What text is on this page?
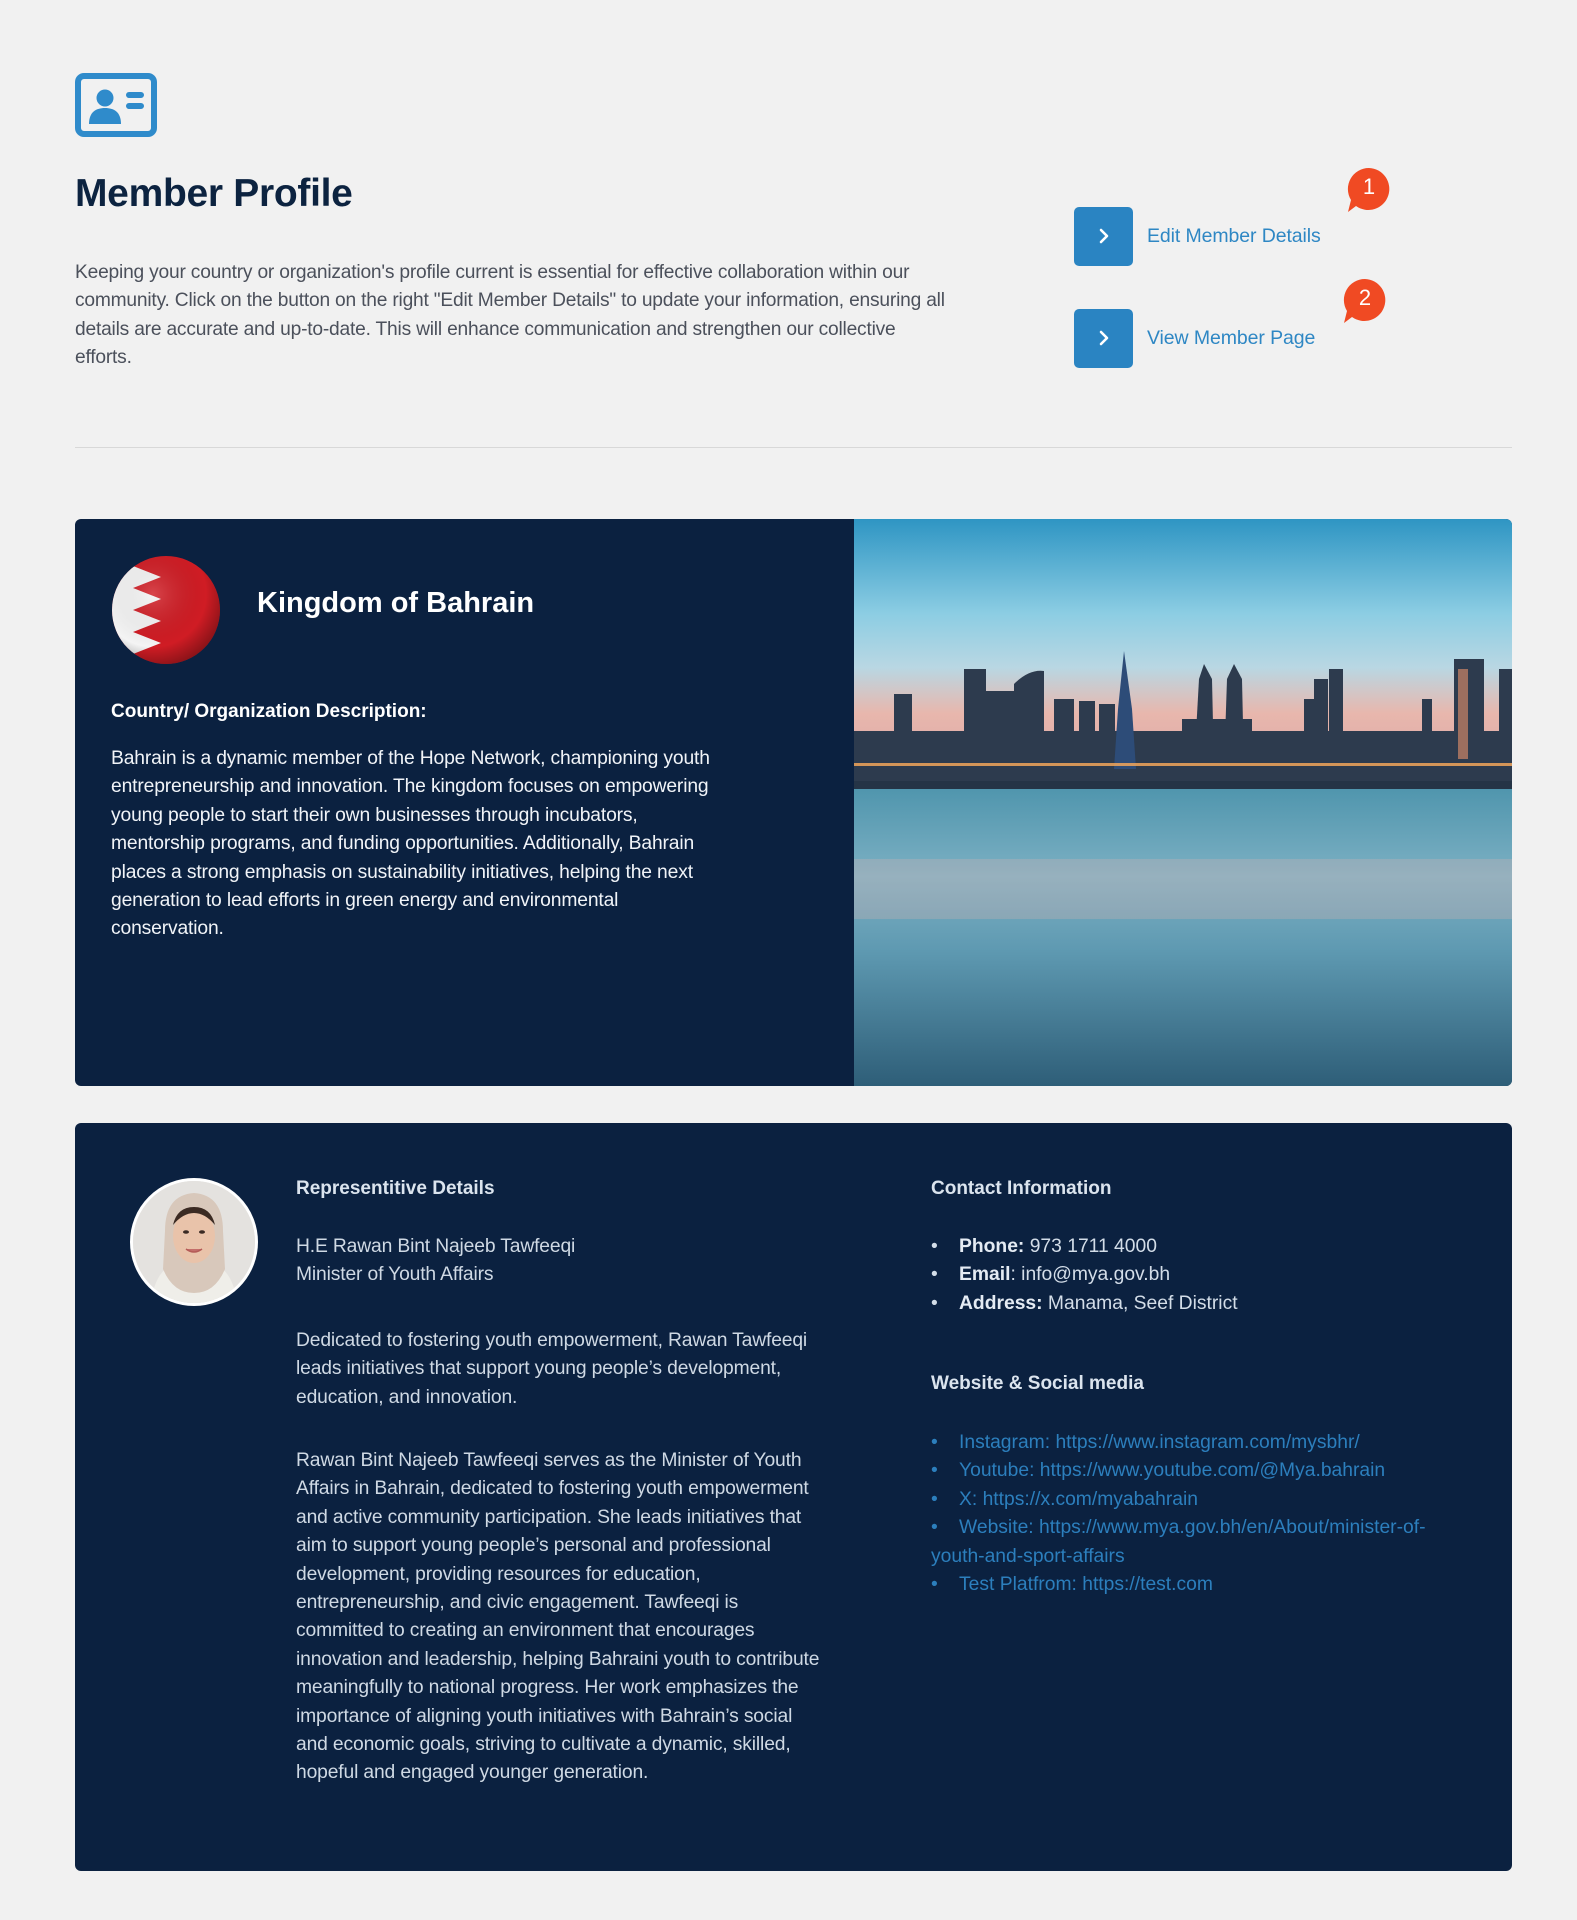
Member Profile
Keeping your country or organization's profile current is essential for effective collaboration within our community. Click on the button on the right "Edit Member Details" to update your information, ensuring all details are accurate and up-to-date. This will enhance communication and strengthen our collective efforts.
Edit Member Details
View Member Page
1
2
Kingdom of Bahrain
Country/ Organization Description:
Bahrain is a dynamic member of the Hope Network, championing youth entrepreneurship and innovation. The kingdom focuses on empowering young people to start their own businesses through incubators, mentorship programs, and funding opportunities. Additionally, Bahrain places a strong emphasis on sustainability initiatives, helping the next generation to lead efforts in green energy and environmental conservation.
Representitive Details
H.E Rawan Bint Najeeb Tawfeeqi
Minister of Youth Affairs
Dedicated to fostering youth empowerment, Rawan Tawfeeqi leads initiatives that support young people’s development, education, and innovation.
Rawan Bint Najeeb Tawfeeqi serves as the Minister of Youth Affairs in Bahrain, dedicated to fostering youth empowerment and active community participation. She leads initiatives that aim to support young people’s personal and professional development, providing resources for education, entrepreneurship, and civic engagement. Tawfeeqi is committed to creating an environment that encourages innovation and leadership, helping Bahraini youth to contribute meaningfully to national progress. Her work emphasizes the importance of aligning youth initiatives with Bahrain’s social and economic goals, striving to cultivate a dynamic, skilled, hopeful and engaged younger generation.
Contact Information
• Phone: 973 1711 4000
• Email: info@mya.gov.bh
• Address: Manama, Seef District
Website & Social media
• Instagram: https://www.instagram.com/mysbhr/
• Youtube: https://www.youtube.com/@Mya.bahrain
• X: https://x.com/myabahrain
• Website: https://www.mya.gov.bh/en/About/minister-of-youth-and-sport-affairs
• Test Platfrom: https://test.com
